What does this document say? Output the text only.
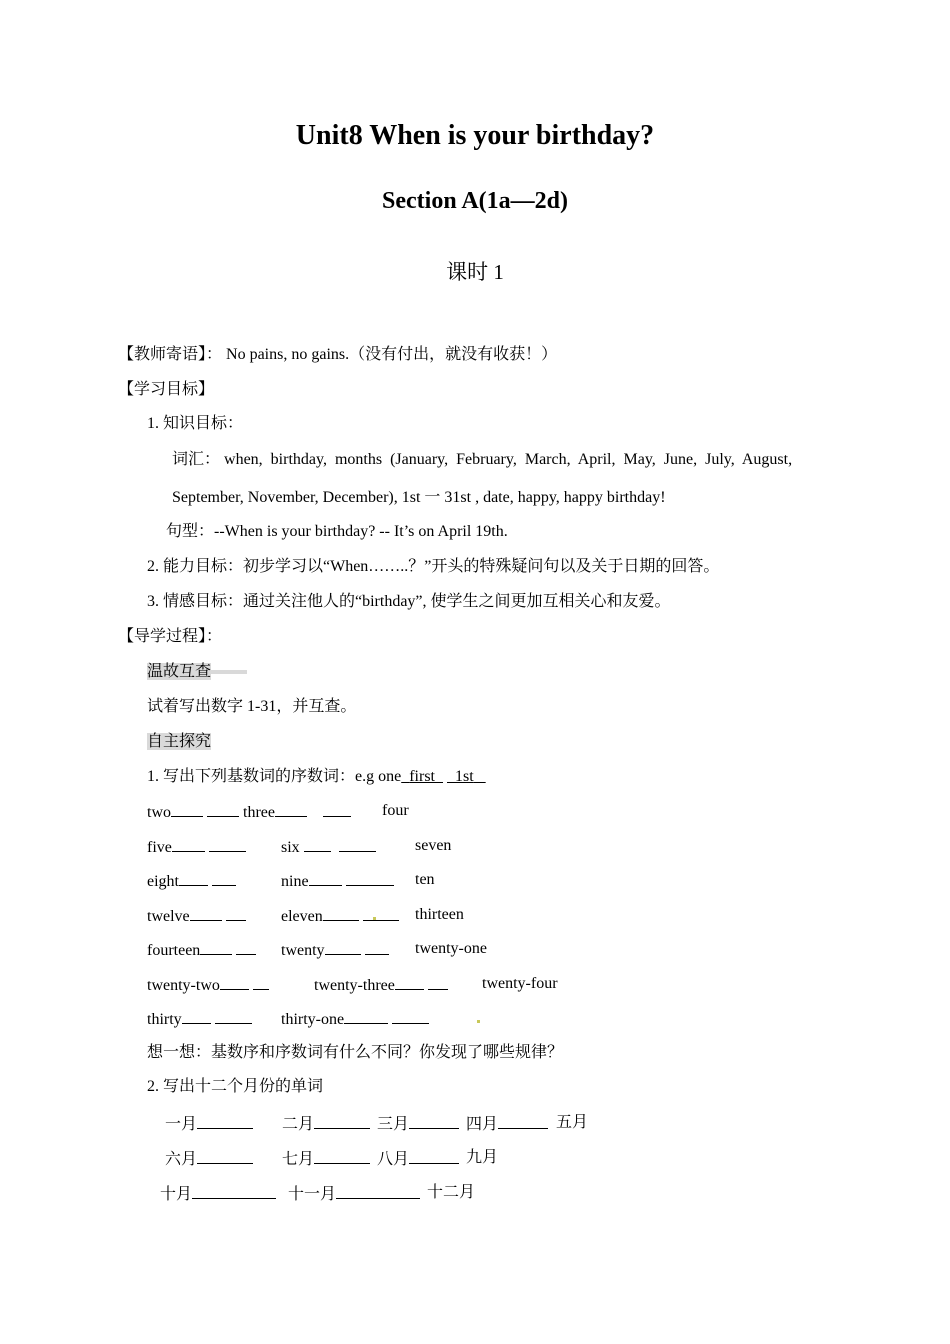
Unit8 When is your birthday?
Section A(1a—2d)
课时 1
【教师寄语】： No pains, no gains.（没有付出，就没有收获！）
【学习目标】
1. 知识目标：
词汇： when,  birthday,  months  (January,  February,  March,  April,  May,  June,  July,  August,
September, November, December), 1st 一 31st , date, happy, happy birthday!
句型：--When is your birthday? -- It’s on April 19th.
2. 能力目标：初步学习以“When……..？”开头的特殊疑问句以及关于日期的回答。
3. 情感目标：通过关注他人的“birthday”, 使学生之间更加互相关心和友爱。
【导学过程】：
温故互查
试着写出数字 1-31，并互查。
自主探究
1. 写出下列基数词的序数词：e.g one first 1st
two	three	four
five	six	seven
eight	nine	ten
twelve	eleven	thirteen
fourteen	twenty	twenty-one
twenty-two	twenty-three	twenty-four
thirty	thirty-one
想一想：基数序和序数词有什么不同？你发现了哪些规律？
2. 写出十二个月份的单词
一月	二月	三月	四月	五月
六月	七月	八月	九月
十月	十一月	十二月
